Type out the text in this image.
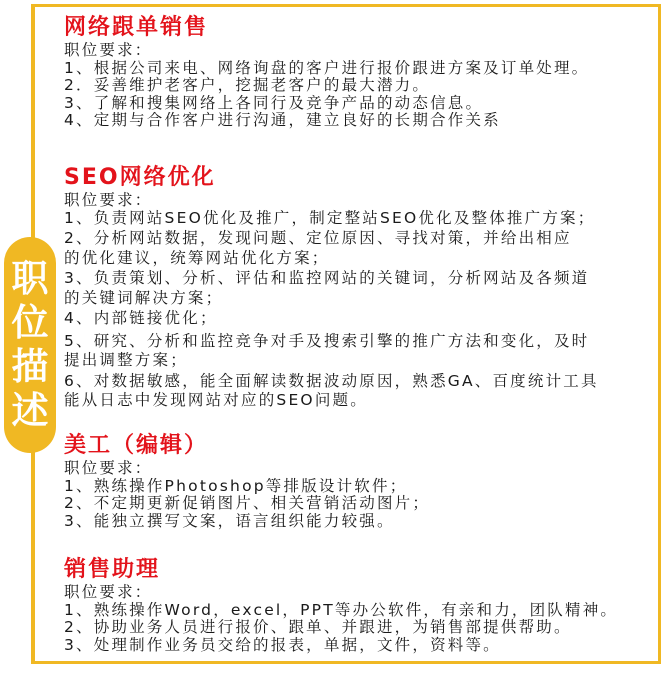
职
位
描
述
网络跟单销售
职位要求：
1、根据公司来电、网络询盘的客户进行报价跟进方案及订单处理。
2．妥善维护老客户，挖掘老客户的最大潜力。
3、了解和搜集网络上各同行及竞争产品的动态信息。
4、定期与合作客户进行沟通，建立良好的长期合作关系
SEO网络优化
职位要求：
1、负责网站SEO优化及推广，制定整站SEO优化及整体推广方案；
2、分析网站数据，发现问题、定位原因、寻找对策，并给出相应
的优化建议，统筹网站优化方案；
3、负责策划、分析、评估和监控网站的关键词，分析网站及各频道
的关键词解决方案；
4、内部链接优化；
5、研究、分析和监控竞争对手及搜索引擎的推广方法和变化，及时
提出调整方案；
6、对数据敏感，能全面解读数据波动原因，熟悉GA、百度统计工具
能从日志中发现网站对应的SEO问题。
美工（编辑）
职位要求：
1、熟练操作Photoshop等排版设计软件；
2、不定期更新促销图片、相关营销活动图片；
3、能独立撰写文案，语言组织能力较强。
销售助理
职位要求：
1、熟练操作Word，excel，PPT等办公软件，有亲和力，团队精神。
2、协助业务人员进行报价、跟单、并跟进，为销售部提供帮助。
3、处理制作业务员交给的报表，单据，文件，资料等。
